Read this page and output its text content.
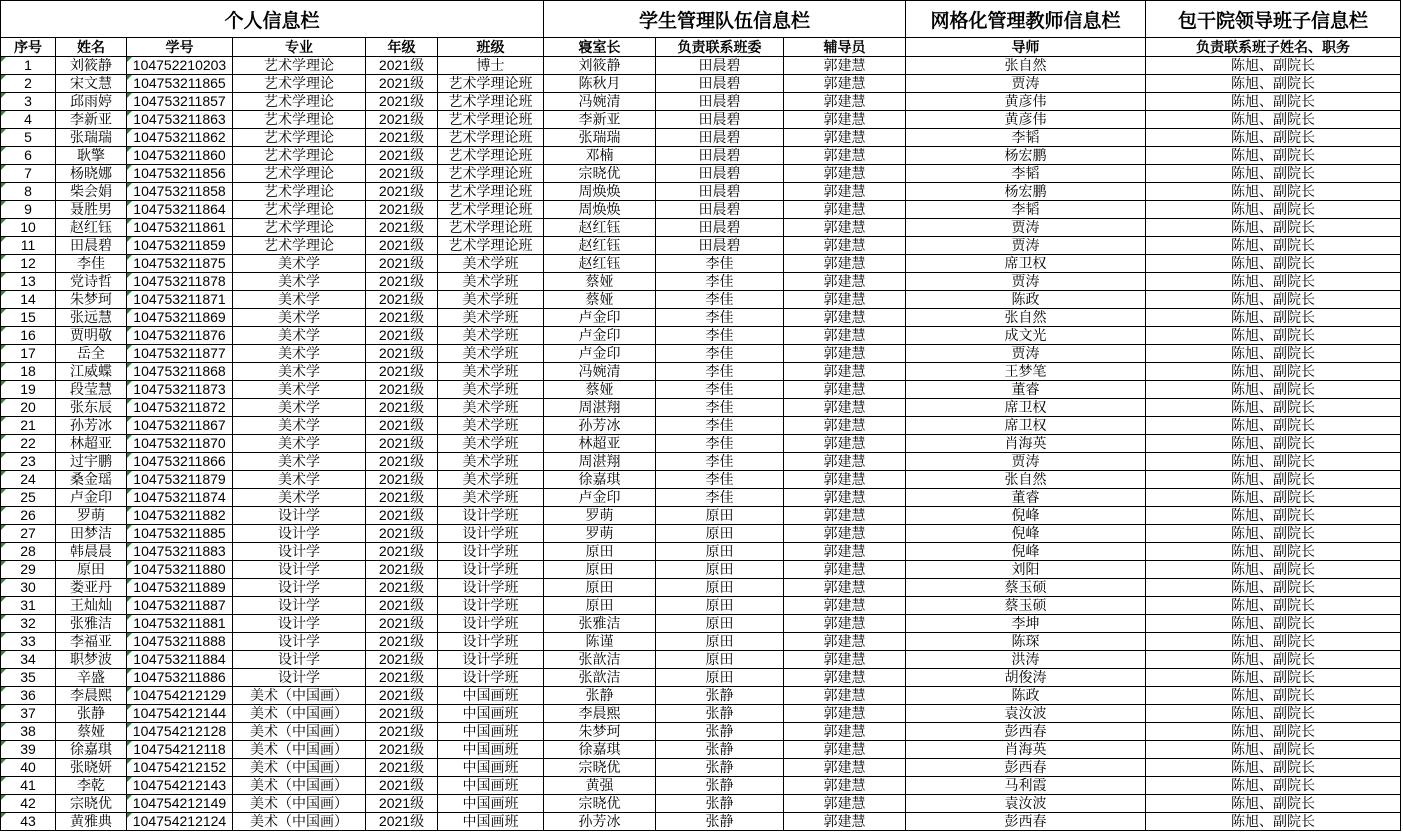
个人信息栏						学生管理队伍信息栏			网格化管理教师信息栏	包干院领导班子信息栏
序号	姓名	学号	专业	年级	班级	寝室长	负责联系班委	辅导员	导师	负责联系班子姓名、职务
1	刘筱静	104752210203	艺术学理论	2021级	博士	刘筱静	田晨碧	郭建慧	张自然	陈旭、副院长
2	宋文慧	104753211865	艺术学理论	2021级	艺术学理论班	陈秋月	田晨碧	郭建慧	贾涛	陈旭、副院长
3	邱雨婷	104753211857	艺术学理论	2021级	艺术学理论班	冯婉清	田晨碧	郭建慧	黄彦伟	陈旭、副院长
4	李新亚	104753211863	艺术学理论	2021级	艺术学理论班	李新亚	田晨碧	郭建慧	黄彦伟	陈旭、副院长
5	张瑞瑞	104753211862	艺术学理论	2021级	艺术学理论班	张瑞瑞	田晨碧	郭建慧	李韬	陈旭、副院长
6	耿擎	104753211860	艺术学理论	2021级	艺术学理论班	邓楠	田晨碧	郭建慧	杨宏鹏	陈旭、副院长
7	杨晓娜	104753211856	艺术学理论	2021级	艺术学理论班	宗晓优	田晨碧	郭建慧	李韬	陈旭、副院长
8	柴会娟	104753211858	艺术学理论	2021级	艺术学理论班	周焕焕	田晨碧	郭建慧	杨宏鹏	陈旭、副院长
9	聂胜男	104753211864	艺术学理论	2021级	艺术学理论班	周焕焕	田晨碧	郭建慧	李韬	陈旭、副院长
10	赵红钰	104753211861	艺术学理论	2021级	艺术学理论班	赵红钰	田晨碧	郭建慧	贾涛	陈旭、副院长
11	田晨碧	104753211859	艺术学理论	2021级	艺术学理论班	赵红钰	田晨碧	郭建慧	贾涛	陈旭、副院长
12	李佳	104753211875	美术学	2021级	美术学班	赵红钰	李佳	郭建慧	席卫权	陈旭、副院长
13	党诗哲	104753211878	美术学	2021级	美术学班	蔡娅	李佳	郭建慧	贾涛	陈旭、副院长
14	朱梦珂	104753211871	美术学	2021级	美术学班	蔡娅	李佳	郭建慧	陈政	陈旭、副院长
15	张远慧	104753211869	美术学	2021级	美术学班	卢金印	李佳	郭建慧	张自然	陈旭、副院长
16	贾明敬	104753211876	美术学	2021级	美术学班	卢金印	李佳	郭建慧	成文光	陈旭、副院长
17	岳全	104753211877	美术学	2021级	美术学班	卢金印	李佳	郭建慧	贾涛	陈旭、副院长
18	江威蝶	104753211868	美术学	2021级	美术学班	冯婉清	李佳	郭建慧	王梦笔	陈旭、副院长
19	段莹慧	104753211873	美术学	2021级	美术学班	蔡娅	李佳	郭建慧	董睿	陈旭、副院长
20	张东辰	104753211872	美术学	2021级	美术学班	周湛翔	李佳	郭建慧	席卫权	陈旭、副院长
21	孙芳冰	104753211867	美术学	2021级	美术学班	孙芳冰	李佳	郭建慧	席卫权	陈旭、副院长
22	林超亚	104753211870	美术学	2021级	美术学班	林超亚	李佳	郭建慧	肖海英	陈旭、副院长
23	过宇鹏	104753211866	美术学	2021级	美术学班	周湛翔	李佳	郭建慧	贾涛	陈旭、副院长
24	桑金瑶	104753211879	美术学	2021级	美术学班	徐嘉琪	李佳	郭建慧	张自然	陈旭、副院长
25	卢金印	104753211874	美术学	2021级	美术学班	卢金印	李佳	郭建慧	董睿	陈旭、副院长
26	罗萌	104753211882	设计学	2021级	设计学班	罗萌	原田	郭建慧	倪峰	陈旭、副院长
27	田梦洁	104753211885	设计学	2021级	设计学班	罗萌	原田	郭建慧	倪峰	陈旭、副院长
28	韩晨晨	104753211883	设计学	2021级	设计学班	原田	原田	郭建慧	倪峰	陈旭、副院长
29	原田	104753211880	设计学	2021级	设计学班	原田	原田	郭建慧	刘阳	陈旭、副院长
30	娄亚丹	104753211889	设计学	2021级	设计学班	原田	原田	郭建慧	蔡玉硕	陈旭、副院长
31	王灿灿	104753211887	设计学	2021级	设计学班	原田	原田	郭建慧	蔡玉硕	陈旭、副院长
32	张雅洁	104753211881	设计学	2021级	设计学班	张雅洁	原田	郭建慧	李坤	陈旭、副院长
33	李福亚	104753211888	设计学	2021级	设计学班	陈谨	原田	郭建慧	陈琛	陈旭、副院长
34	职梦波	104753211884	设计学	2021级	设计学班	张歆洁	原田	郭建慧	洪涛	陈旭、副院长
35	辛盛	104753211886	设计学	2021级	设计学班	张歆洁	原田	郭建慧	胡俊涛	陈旭、副院长
36	李晨熙	104754212129	美术（中国画）	2021级	中国画班	张静	张静	郭建慧	陈政	陈旭、副院长
37	张静	104754212144	美术（中国画）	2021级	中国画班	李晨熙	张静	郭建慧	袁汝波	陈旭、副院长
38	蔡娅	104754212128	美术（中国画）	2021级	中国画班	朱梦珂	张静	郭建慧	彭西春	陈旭、副院长
39	徐嘉琪	104754212118	美术（中国画）	2021级	中国画班	徐嘉琪	张静	郭建慧	肖海英	陈旭、副院长
40	张晓妍	104754212152	美术（中国画）	2021级	中国画班	宗晓优	张静	郭建慧	彭西春	陈旭、副院长
41	李乾	104754212143	美术（中国画）	2021级	中国画班	黄强	张静	郭建慧	马利霞	陈旭、副院长
42	宗晓优	104754212149	美术（中国画）	2021级	中国画班	宗晓优	张静	郭建慧	袁汝波	陈旭、副院长
43	黄雅典	104754212124	美术（中国画）	2021级	中国画班	孙芳冰	张静	郭建慧	彭西春	陈旭、副院长
